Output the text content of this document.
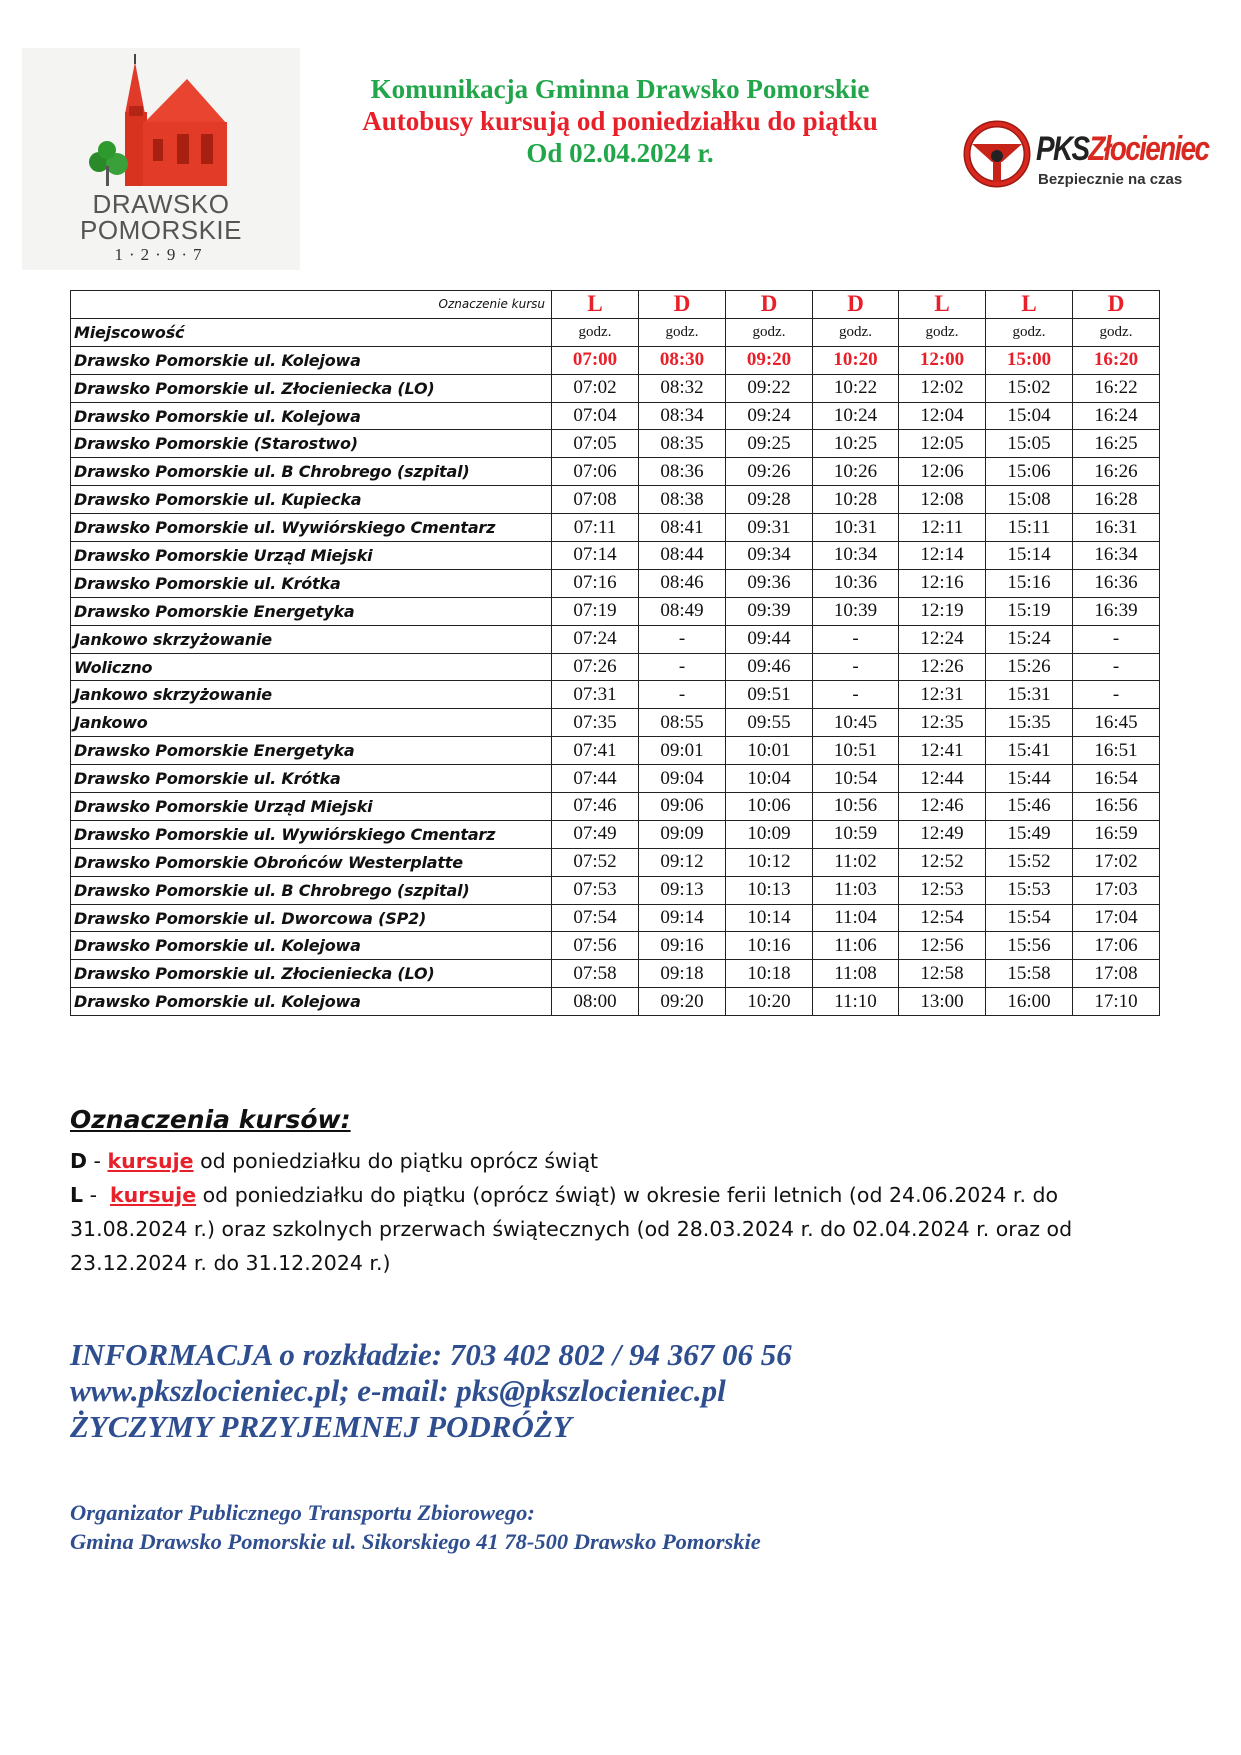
DRAWSKO
POMORSKIE
1·2·9·7
Komunikacja Gminna Drawsko Pomorskie
Autobusy kursują od poniedziałku do piątku
Od 02.04.2024 r.	PKSZłocieniec
Bezpiecznie na czas
Oznaczenie kursu	L	D	D	D	L	L	D
Miejscowość	godz.	godz.	godz.	godz.	godz.	godz.	godz.
Drawsko Pomorskie ul. Kolejowa	07:00	08:30	09:20	10:20	12:00	15:00	16:20
Drawsko Pomorskie ul. Złocieniecka (LO)	07:02	08:32	09:22	10:22	12:02	15:02	16:22
Drawsko Pomorskie ul. Kolejowa	07:04	08:34	09:24	10:24	12:04	15:04	16:24
Drawsko Pomorskie (Starostwo)	07:05	08:35	09:25	10:25	12:05	15:05	16:25
Drawsko Pomorskie ul. B Chrobrego (szpital)	07:06	08:36	09:26	10:26	12:06	15:06	16:26
Drawsko Pomorskie ul. Kupiecka	07:08	08:38	09:28	10:28	12:08	15:08	16:28
Drawsko Pomorskie ul. Wywiórskiego Cmentarz	07:11	08:41	09:31	10:31	12:11	15:11	16:31
Drawsko Pomorskie Urząd Miejski	07:14	08:44	09:34	10:34	12:14	15:14	16:34
Drawsko Pomorskie ul. Krótka	07:16	08:46	09:36	10:36	12:16	15:16	16:36
Drawsko Pomorskie Energetyka	07:19	08:49	09:39	10:39	12:19	15:19	16:39
Jankowo skrzyżowanie	07:24	-	09:44	-	12:24	15:24	-
Woliczno	07:26	-	09:46	-	12:26	15:26	-
Jankowo skrzyżowanie	07:31	-	09:51	-	12:31	15:31	-
Jankowo	07:35	08:55	09:55	10:45	12:35	15:35	16:45
Drawsko Pomorskie Energetyka	07:41	09:01	10:01	10:51	12:41	15:41	16:51
Drawsko Pomorskie ul. Krótka	07:44	09:04	10:04	10:54	12:44	15:44	16:54
Drawsko Pomorskie Urząd Miejski	07:46	09:06	10:06	10:56	12:46	15:46	16:56
Drawsko Pomorskie ul. Wywiórskiego Cmentarz	07:49	09:09	10:09	10:59	12:49	15:49	16:59
Drawsko Pomorskie Obrońców Westerplatte	07:52	09:12	10:12	11:02	12:52	15:52	17:02
Drawsko Pomorskie ul. B Chrobrego (szpital)	07:53	09:13	10:13	11:03	12:53	15:53	17:03
Drawsko Pomorskie ul. Dworcowa (SP2)	07:54	09:14	10:14	11:04	12:54	15:54	17:04
Drawsko Pomorskie ul. Kolejowa	07:56	09:16	10:16	11:06	12:56	15:56	17:06
Drawsko Pomorskie ul. Złocieniecka (LO)	07:58	09:18	10:18	11:08	12:58	15:58	17:08
Drawsko Pomorskie ul. Kolejowa	08:00	09:20	10:20	11:10	13:00	16:00	17:10
Oznaczenia kursów:
D - kursuje od poniedziałku do piątku oprócz świąt
L -  kursuje od poniedziałku do piątku (oprócz świąt) w okresie ferii letnich (od 24.06.2024 r. do 31.08.2024 r.) oraz szkolnych przerwach świątecznych (od 28.03.2024 r. do 02.04.2024 r. oraz od 23.12.2024 r. do 31.12.2024 r.)
INFORMACJA o rozkładzie: 703 402 802 / 94 367 06 56
www.pkszlocieniec.pl; e-mail: pks@pkszlocieniec.pl
ŻYCZYMY PRZYJEMNEJ PODRÓŻY
Organizator Publicznego Transportu Zbiorowego:
Gmina Drawsko Pomorskie ul. Sikorskiego 41 78-500 Drawsko Pomorskie
